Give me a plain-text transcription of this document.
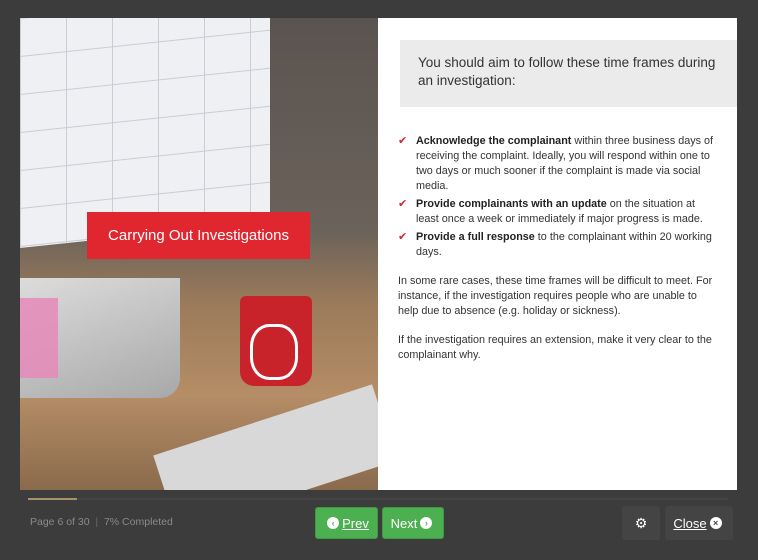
Carrying Out Investigations
You should aim to follow these time frames during an investigation:
✔ Acknowledge the complainant within three business days of receiving the complaint. Ideally, you will respond within one to two days or much sooner if the complaint is made via social media.
✔ Provide complainants with an update on the situation at least once a week or immediately if major progress is made.
✔ Provide a full response to the complainant within 20 working days.

In some rare cases, these time frames will be difficult to meet. For instance, if the investigation requires people who are unable to help due to absence (e.g. holiday or sickness).

If the investigation requires an extension, make it very clear to the complainant why.

Page 6 of 30  |  7% Completed	‹ Prev Next ›	⚙ Close ×
